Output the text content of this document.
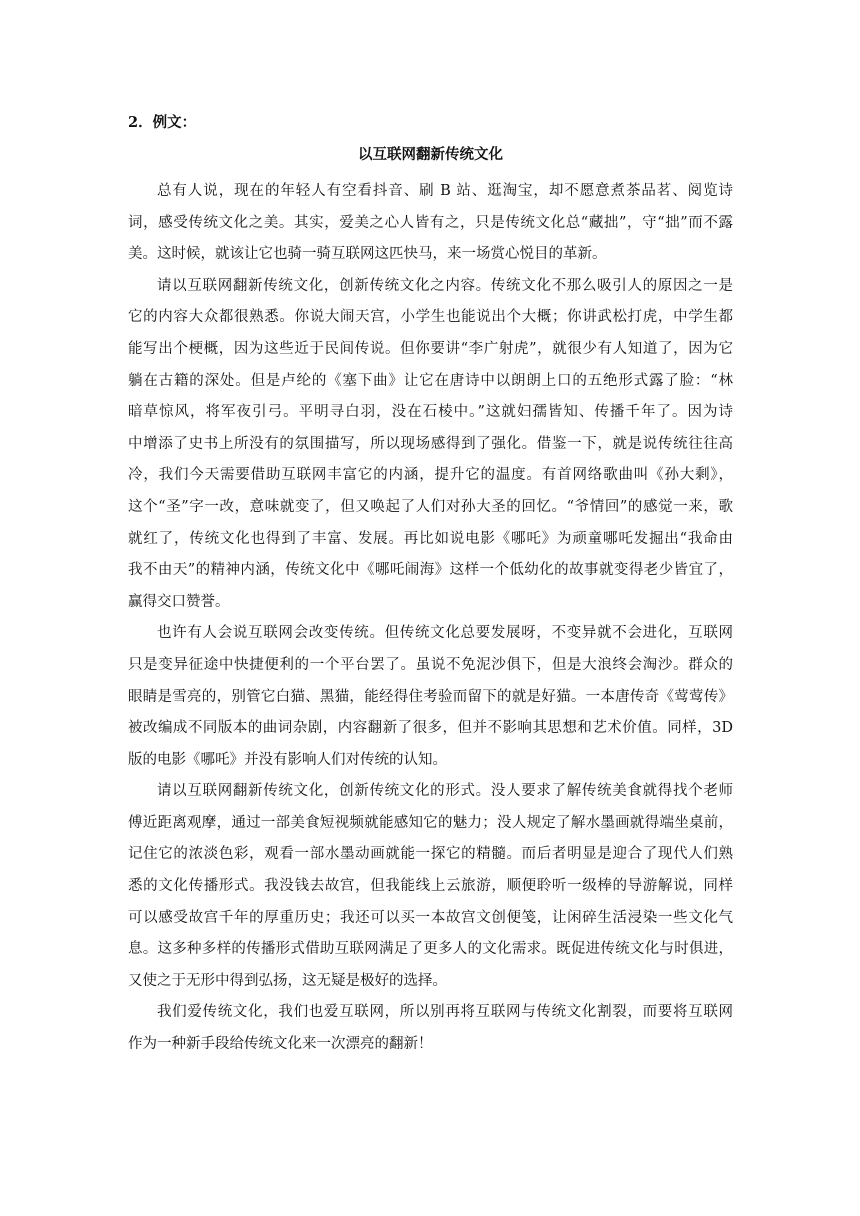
2．例文：
以互联网翻新传统文化

总有人说，现在的年轻人有空看抖音、刷 B 站、逛淘宝，却不愿意煮茶品茗、阅览诗
词，感受传统文化之美。其实，爱美之心人皆有之，只是传统文化总“藏拙”，守“拙”而不露
美。这时候，就该让它也骑一骑互联网这匹快马，来一场赏心悦目的革新。

请以互联网翻新传统文化，创新传统文化之内容。传统文化不那么吸引人的原因之一是
它的内容大众都很熟悉。你说大闹天宫，小学生也能说出个大概；你讲武松打虎，中学生都
能写出个梗概，因为这些近于民间传说。但你要讲“李广射虎”，就很少有人知道了，因为它
躺在古籍的深处。但是卢纶的《塞下曲》让它在唐诗中以朗朗上口的五绝形式露了脸：“林
暗草惊风，将军夜引弓。平明寻白羽，没在石棱中。”这就妇孺皆知、传播千年了。因为诗
中增添了史书上所没有的氛围描写，所以现场感得到了强化。借鉴一下，就是说传统往往高
冷，我们今天需要借助互联网丰富它的内涵，提升它的温度。有首网络歌曲叫《孙大剩》，
这个“圣”字一改，意味就变了，但又唤起了人们对孙大圣的回忆。“爷情回”的感觉一来，歌
就红了，传统文化也得到了丰富、发展。再比如说电影《哪吒》为顽童哪吒发掘出“我命由
我不由天”的精神内涵，传统文化中《哪吒闹海》这样一个低幼化的故事就变得老少皆宜了，
赢得交口赞誉。

也许有人会说互联网会改变传统。但传统文化总要发展呀，不变异就不会进化，互联网
只是变异征途中快捷便利的一个平台罢了。虽说不免泥沙俱下，但是大浪终会淘沙。群众的
眼睛是雪亮的，别管它白猫、黑猫，能经得住考验而留下的就是好猫。一本唐传奇《莺莺传》
被改编成不同版本的曲词杂剧，内容翻新了很多，但并不影响其思想和艺术价值。同样，3D
版的电影《哪吒》并没有影响人们对传统的认知。

请以互联网翻新传统文化，创新传统文化的形式。没人要求了解传统美食就得找个老师
傅近距离观摩，通过一部美食短视频就能感知它的魅力；没人规定了解水墨画就得端坐桌前，
记住它的浓淡色彩，观看一部水墨动画就能一探它的精髓。而后者明显是迎合了现代人们熟
悉的文化传播形式。我没钱去故宫，但我能线上云旅游，顺便聆听一级棒的导游解说，同样
可以感受故宫千年的厚重历史；我还可以买一本故宫文创便笺，让闲碎生活浸染一些文化气
息。这多种多样的传播形式借助互联网满足了更多人的文化需求。既促进传统文化与时俱进，
又使之于无形中得到弘扬，这无疑是极好的选择。

我们爱传统文化，我们也爱互联网，所以别再将互联网与传统文化割裂，而要将互联网
作为一种新手段给传统文化来一次漂亮的翻新！
